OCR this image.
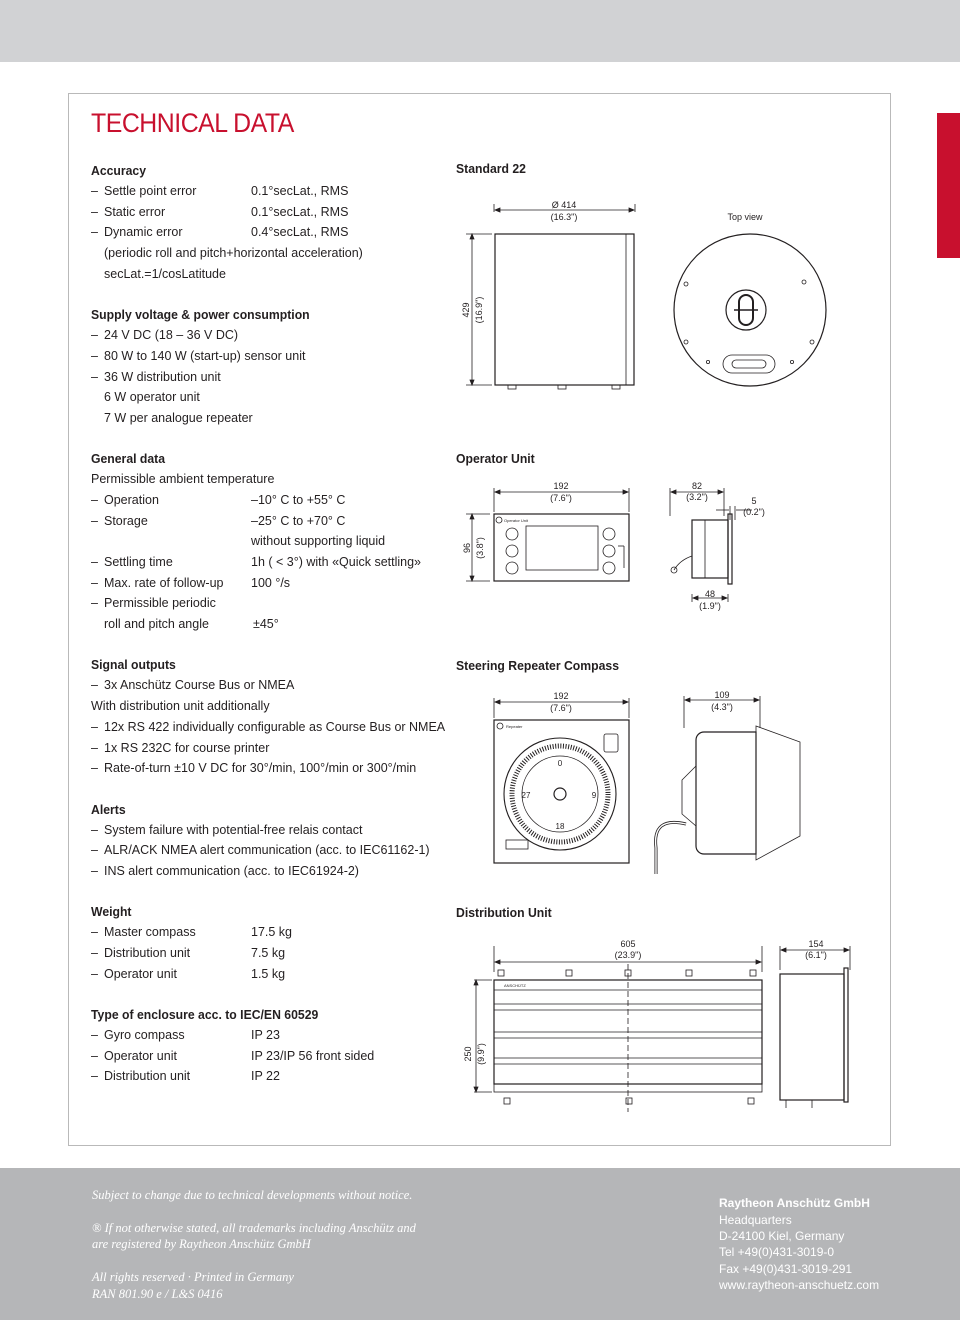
TECHNICAL DATA
Accuracy
– Settle point error	0.1°secLat., RMS
– Static error	0.1°secLat., RMS
– Dynamic error	0.4°secLat., RMS
(periodic roll and pitch+horizontal acceleration)
secLat.=1/cosLatitude
Supply voltage & power consumption
– 24 V DC (18 – 36 V DC)
– 80 W to 140 W (start-up) sensor unit
– 36 W distribution unit
6 W operator unit
7 W per analogue repeater
General data
Permissible ambient temperature
– Operation	–10° C to +55° C
– Storage	–25° C to +70° C
without supporting liquid
– Settling time	1h ( < 3°) with «Quick settling»
– Max. rate of follow-up 100 °/s
– Permissible periodic
roll and pitch angle	±45°
Signal outputs
– 3x Anschütz Course Bus or NMEA
With distribution unit additionally
– 12x RS 422 individually configurable as Course Bus or NMEA
– 1x RS 232C for course printer
– Rate-of-turn ±10 V DC for 30°/min, 100°/min or 300°/min
Alerts
– System failure with potential-free relais contact
– ALR/ACK NMEA alert communication (acc. to IEC61162-1)
– INS alert communication (acc. to IEC61924-2)
Weight
– Master compass	17.5 kg
– Distribution unit	7.5 kg
– Operator unit	1.5 kg
Type of enclosure acc. to IEC/EN 60529
– Gyro compass	IP 23
– Operator unit	IP 23/IP 56 front sided
– Distribution unit	IP 22
Standard 22
Ø 414
(16.3")
429 (16.9")
Top view
Operator Unit
192
(7.6")
Operator Unit
96 (3.8")
82
(3.2")	5
(0.2")
48
(1.9")
Steering Repeater Compass
0
18
27	9
Repeater
192
(7.6")
109
(4.3")
Distribution Unit
ANSCHÜTZ
605
(23.9")
154
(6.1")
250 (9.9")
Subject to change due to technical developments without notice.
® If not otherwise stated, all trademarks including Anschütz and
are registered by Raytheon Anschütz GmbH
All rights reserved · Printed in Germany
RAN 801.90 e / L&S 0416
Raytheon Anschütz GmbH
Headquarters
D-24100 Kiel, Germany
Tel +49(0)431-3019-0
Fax +49(0)431-3019-291
www.raytheon-anschuetz.com
